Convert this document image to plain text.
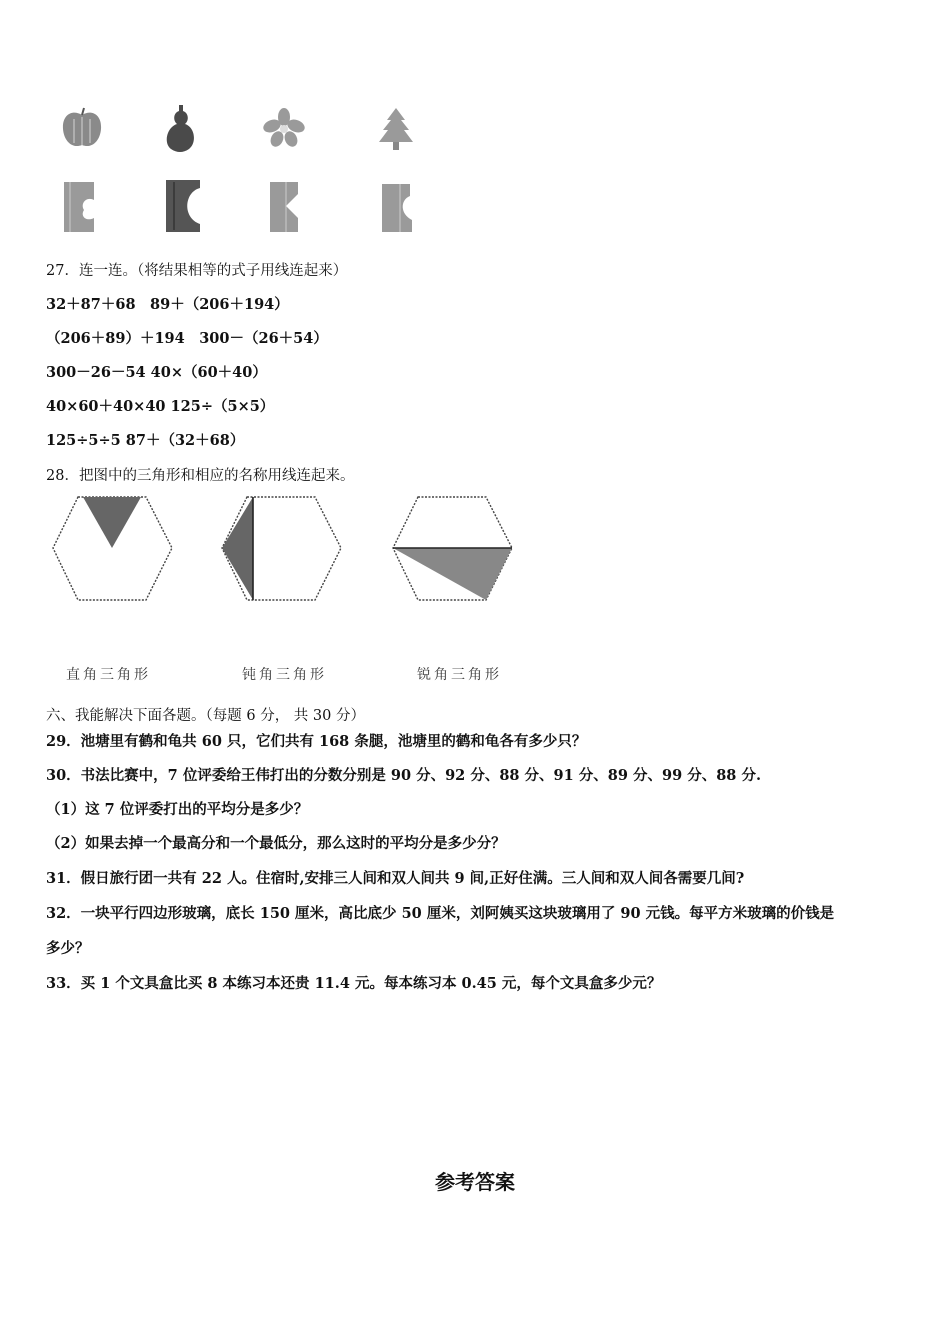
27．连一连。（将结果相等的式子用线连起来）
32＋87＋68　89＋（206＋194）
（206＋89）＋194　300－（26＋54）
300－26－54 40×（60＋40）
40×60＋40×40 125÷（5×5）
125÷5÷5 87＋（32＋68）
28．把图中的三角形和相应的名称用线连起来。
直角三角形	钝角三角形	锐角三角形
六、我能解决下面各题。（每题 6 分， 共 30 分）
29．池塘里有鹤和龟共 60 只，它们共有 168 条腿，池塘里的鹤和龟各有多少只？
30．书法比赛中，7 位评委给王伟打出的分数分别是 90 分、92 分、88 分、91 分、89 分、99 分、88 分.
（1）这 7 位评委打出的平均分是多少？
（2）如果去掉一个最高分和一个最低分，那么这时的平均分是多少分？
31．假日旅行团一共有 22 人。住宿时,安排三人间和双人间共 9 间,正好住满。三人间和双人间各需要几间?
32．一块平行四边形玻璃，底长 150 厘米，高比底少 50 厘米，刘阿姨买这块玻璃用了 90 元钱。每平方米玻璃的价钱是
多少？
33．买 1 个文具盒比买 8 本练习本还贵 11.4 元。每本练习本 0.45 元，每个文具盒多少元？
参考答案
